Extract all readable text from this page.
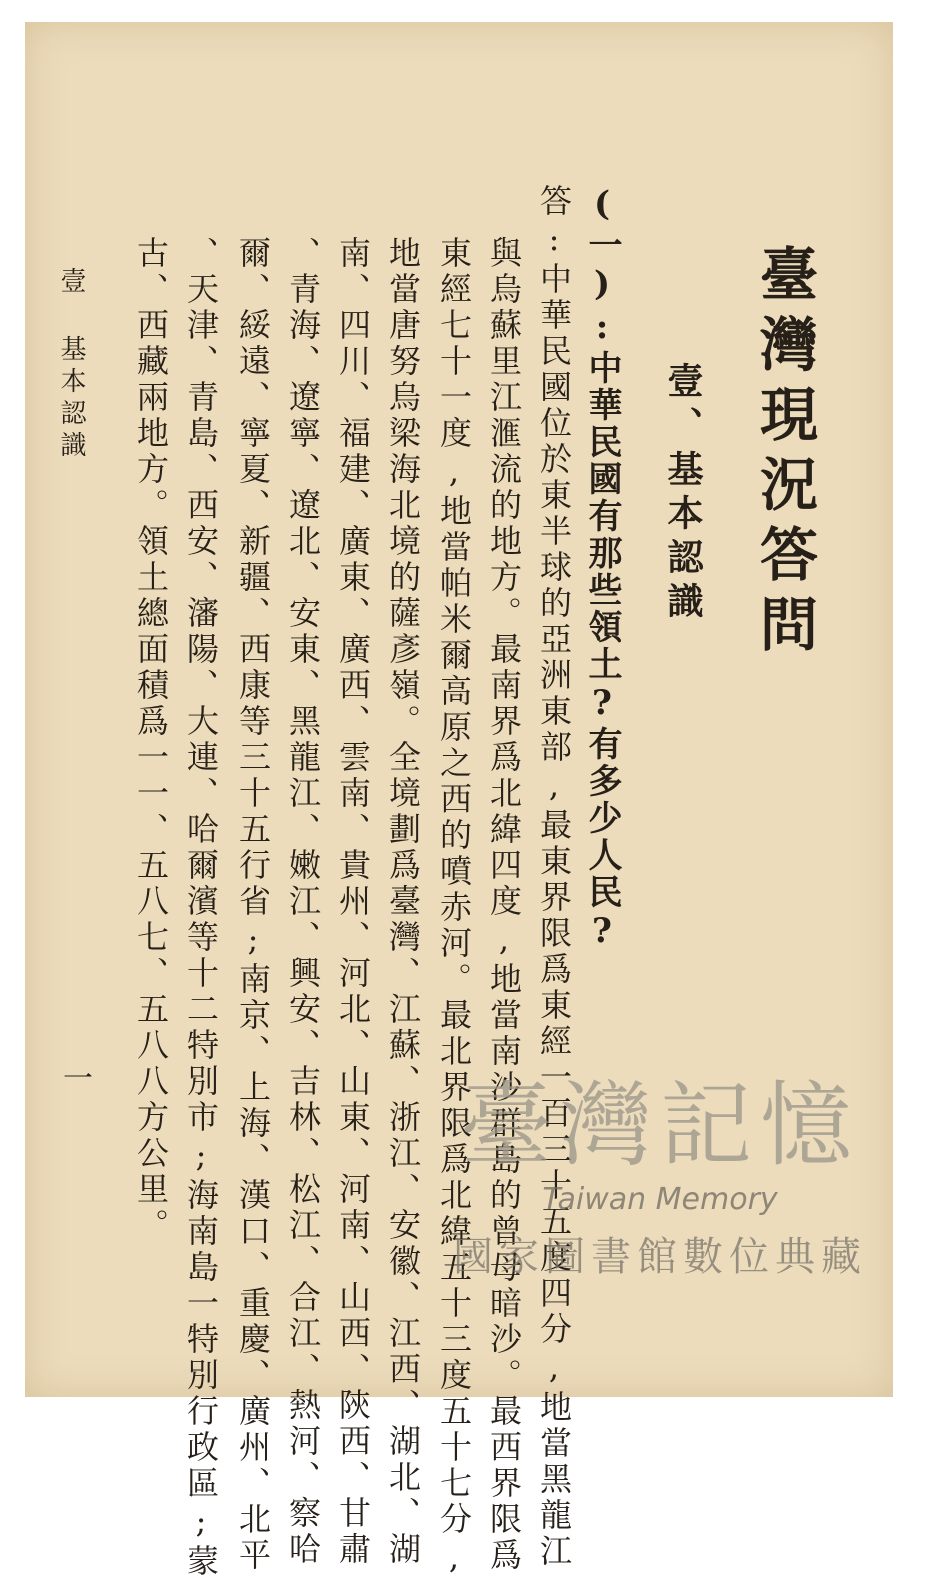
臺灣現況答問
壹、基本認識
(一):中華民國有那些領土?有多少人民?
答:中華民國位於東半球的亞洲東部,最東界限爲東經一百三十五度四分,地當黑龍江
與烏蘇里江滙流的地方。最南界爲北緯四度,地當南沙群島的曾母暗沙。最西界限爲
東經七十一度,地當帕米爾高原之西的噴赤河。最北界限爲北緯五十三度五十七分,
地當唐努烏梁海北境的薩彥嶺。全境劃爲臺灣、江蘇、浙江、安徽、江西、湖北、湖
南、四川、福建、廣東、廣西、雲南、貴州、河北、山東、河南、山西、陝西、甘肅
、青海、遼寧、遼北、安東、黑龍江、嫩江、興安、吉林、松江、合江、熱河、察哈
爾、綏遠、寧夏、新疆、西康等三十五行省;南京、上海、漢口、重慶、廣州、北平
、天津、青島、西安、瀋陽、大連、哈爾濱等十二特別市;海南島一特別行政區;蒙
古、西藏兩地方。領土總面積爲一一、五八七、五八八方公里。
壹 基本認識
一	臺灣記憶
Taiwan Memory
國家圖書館數位典藏
